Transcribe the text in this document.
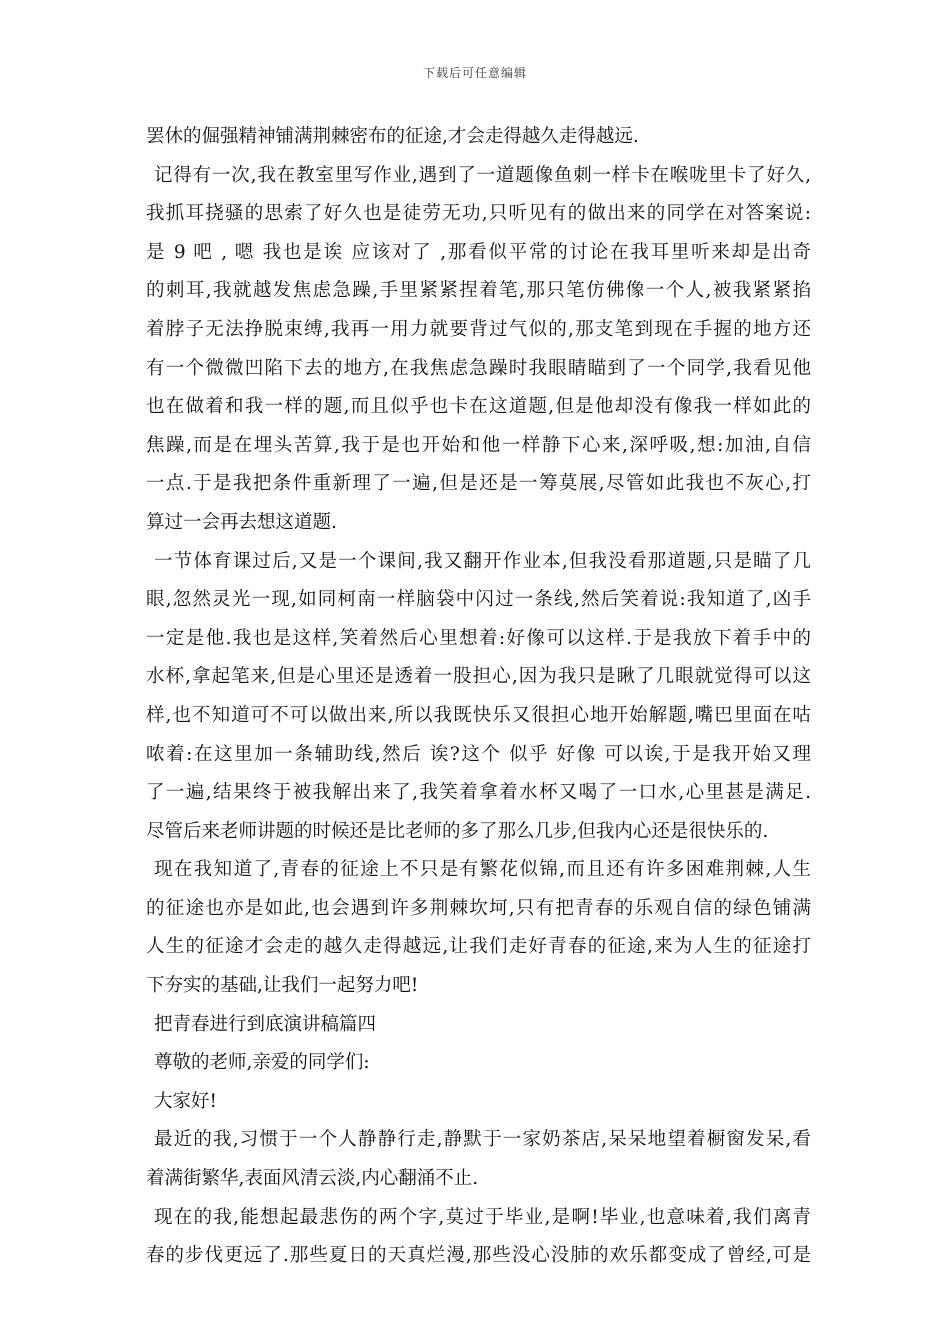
下载后可任意编辑
罢休的倔强精神铺满荆棘密布的征途,才会走得越久走得越远.
记得有一次,我在教室里写作业,遇到了一道题像鱼刺一样卡在喉咙里卡了好久,
我抓耳挠骚的思索了好久也是徒劳无功,只听见有的做出来的同学在对答案说:
是 9 吧 , 嗯 我也是诶 应该对了 ,那看似平常的讨论在我耳里听来却是出奇
的刺耳,我就越发焦虑急躁,手里紧紧捏着笔,那只笔仿佛像一个人,被我紧紧掐
着脖子无法挣脱束缚,我再一用力就要背过气似的,那支笔到现在手握的地方还
有一个微微凹陷下去的地方,在我焦虑急躁时我眼睛瞄到了一个同学,我看见他
也在做着和我一样的题,而且似乎也卡在这道题,但是他却没有像我一样如此的
焦躁,而是在埋头苦算,我于是也开始和他一样静下心来,深呼吸,想:加油,自信
一点.于是我把条件重新理了一遍,但是还是一筹莫展,尽管如此我也不灰心,打
算过一会再去想这道题.
一节体育课过后,又是一个课间,我又翻开作业本,但我没看那道题,只是瞄了几
眼,忽然灵光一现,如同柯南一样脑袋中闪过一条线,然后笑着说:我知道了,凶手
一定是他.我也是这样,笑着然后心里想着:好像可以这样.于是我放下着手中的
水杯,拿起笔来,但是心里还是透着一股担心,因为我只是瞅了几眼就觉得可以这
样,也不知道可不可以做出来,所以我既快乐又很担心地开始解题,嘴巴里面在咕
哝着:在这里加一条辅助线,然后 诶?这个 似乎 好像 可以诶,于是我开始又理
了一遍,结果终于被我解出来了,我笑着拿着水杯又喝了一口水,心里甚是满足.
尽管后来老师讲题的时候还是比老师的多了那么几步,但我内心还是很快乐的.
现在我知道了,青春的征途上不只是有繁花似锦,而且还有许多困难荆棘,人生
的征途也亦是如此,也会遇到许多荆棘坎坷,只有把青春的乐观自信的绿色铺满
人生的征途才会走的越久走得越远,让我们走好青春的征途,来为人生的征途打
下夯实的基础,让我们一起努力吧!
把青春进行到底演讲稿篇四
尊敬的老师,亲爱的同学们:
大家好!
最近的我,习惯于一个人静静行走,静默于一家奶茶店,呆呆地望着橱窗发呆,看
着满街繁华,表面风清云淡,内心翻涌不止.
现在的我,能想起最悲伤的两个字,莫过于毕业,是啊!毕业,也意味着,我们离青
春的步伐更远了.那些夏日的天真烂漫,那些没心没肺的欢乐都变成了曾经,可是
